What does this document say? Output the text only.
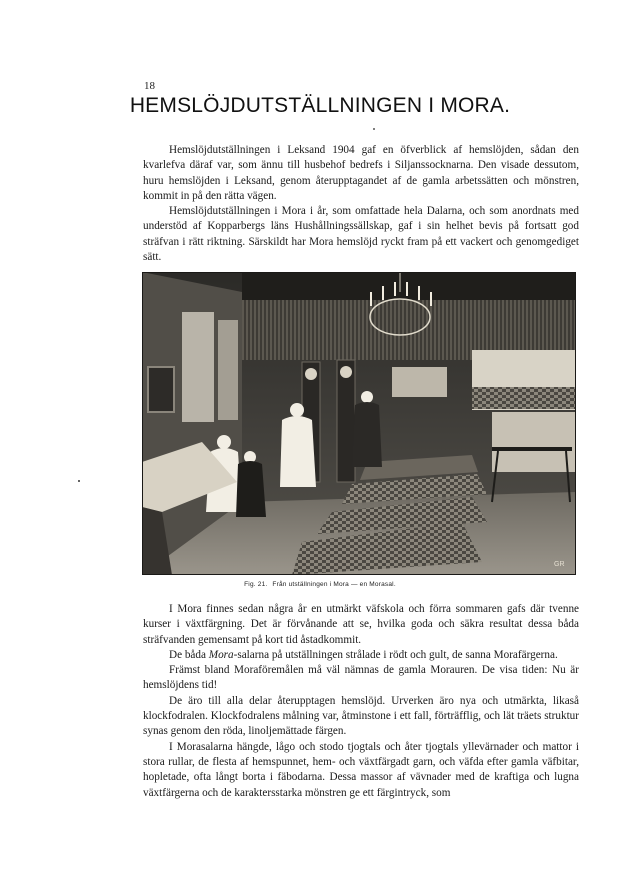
18
HEMSLÖJDUTSTÄLLNINGEN I MORA.

Hemslöjdutställningen i Leksand 1904 gaf en öfverblick af hemslöjden, sådan den kvarlefva däraf var, som ännu till husbehof bedrefs i Siljanssocknarna. Den visade dessutom, huru hemslöjden i Leksand, genom återupptagandet af de gamla arbetssätten och mönstren, kommit in på den rätta vägen.

Hemslöjdutställningen i Mora i år, som omfattade hela Dalarna, och som anordnats med understöd af Kopparbergs läns Hushållningssällskap, gaf i sin helhet bevis på fortsatt god sträfvan i rätt riktning. Särskildt har Mora hemslöjd ryckt fram på ett vackert och genomgediget sätt.

GR
Fig. 21. Från utställningen i Mora — en Morasal.

I Mora finnes sedan några år en utmärkt väfskola och förra sommaren gafs där tvenne kurser i växtfärgning. Det är förvånande att se, hvilka goda och säkra resultat dessa båda sträfvanden gemensamt på kort tid åstadkommit.

De båda Mora-salarna på utställningen strålade i rödt och gult, de sanna Morafärgerna.

Främst bland Moraföremålen må väl nämnas de gamla Morauren. De visa tiden: Nu är hemslöjdens tid!

De äro till alla delar återupptagen hemslöjd. Urverken äro nya och utmärkta, likaså klockfodralen. Klockfodralens målning var, åtminstone i ett fall, förträfflig, och lät träets struktur synas genom den röda, linoljemättade färgen.

I Morasalarna hängde, lågo och stodo tjogtals och åter tjogtals yllevärnader och mattor i stora rullar, de flesta af hemspunnet, hem- och växtfärgadt garn, och väfda efter gamla väfbitar, hopletade, ofta långt borta i fäbodarna. Dessa massor af vävnader med de kraftiga och lugna växtfärgerna och de karaktersstarka mönstren ge ett färgintryck, som
